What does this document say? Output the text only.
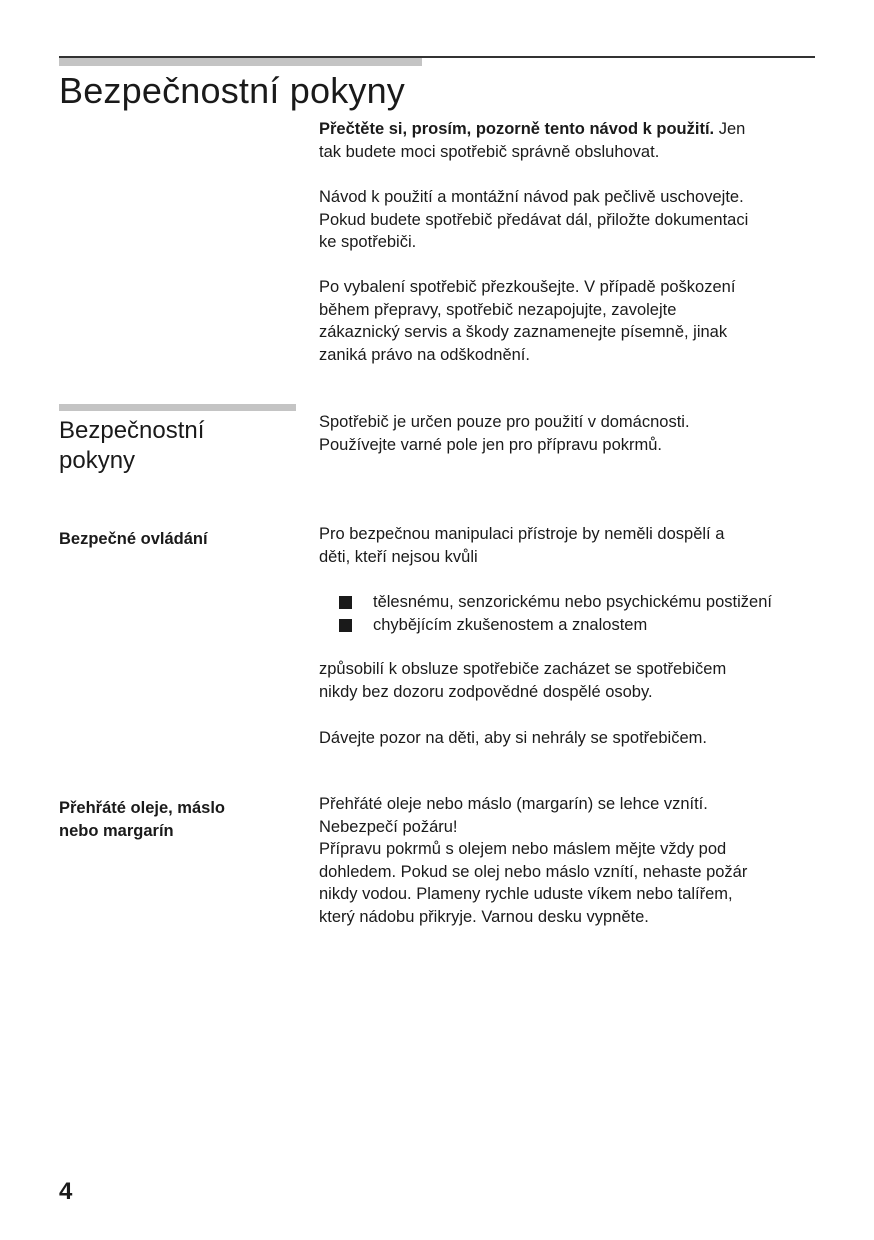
Bezpečnostní pokyny

Přečtěte si, prosím, pozorně tento návod k použití. Jen

tak budete moci spotřebič správně obsluhovat.

Návod k použití a montážní návod pak pečlivě uschovejte.

Pokud budete spotřebič předávat dál, přiložte dokumentaci

ke spotřebiči.

Po vybalení spotřebič přezkoušejte. V případě poškození

během přepravy, spotřebič nezapojujte, zavolejte

zákaznický servis a škody zaznamenejte písemně, jinak

zaniká právo na odškodnění.

Bezpečnostní
pokyny

Spotřebič je určen pouze pro použití v domácnosti.

Používejte varné pole jen pro přípravu pokrmů.

Bezpečné ovládání	Pro bezpečnou manipulaci přístroje by neměli dospělí a

děti, kteří nejsou kvůli

tělesnému, senzorickému nebo psychickému postižení
chybějícím zkušenostem a znalostem

způsobilí k obsluze spotřebiče zacházet se spotřebičem

nikdy bez dozoru zodpovědné dospělé osoby.

Dávejte pozor na děti, aby si nehrály se spotřebičem.

Přehřáté oleje, máslo
nebo margarín

Přehřáté oleje nebo máslo (margarín) se lehce vznítí.

Nebezpečí požáru!

Přípravu pokrmů s olejem nebo máslem mějte vždy pod

dohledem. Pokud se olej nebo máslo vznítí, nehaste požár

nikdy vodou. Plameny rychle uduste víkem nebo talířem,

který nádobu přikryje. Varnou desku vypněte.

4
